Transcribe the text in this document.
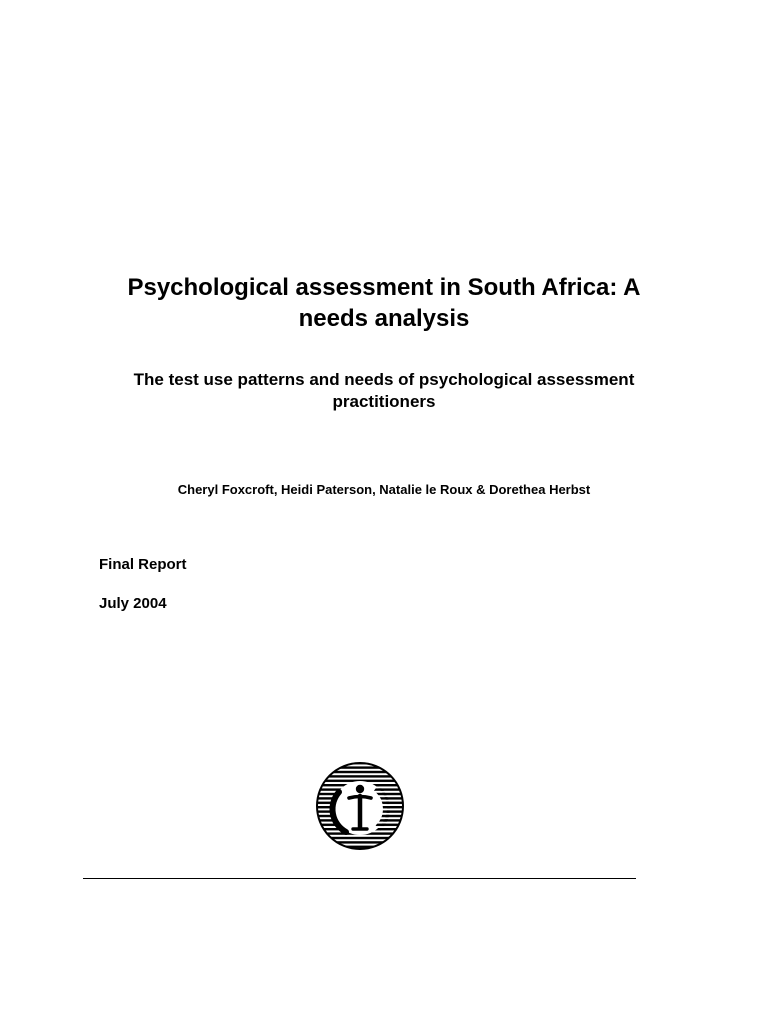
Psychological assessment in South Africa: A needs analysis
The test use patterns and needs of psychological assessment practitioners

Cheryl Foxcroft, Heidi Paterson, Natalie le Roux & Dorethea Herbst

Final Report

July 2004
